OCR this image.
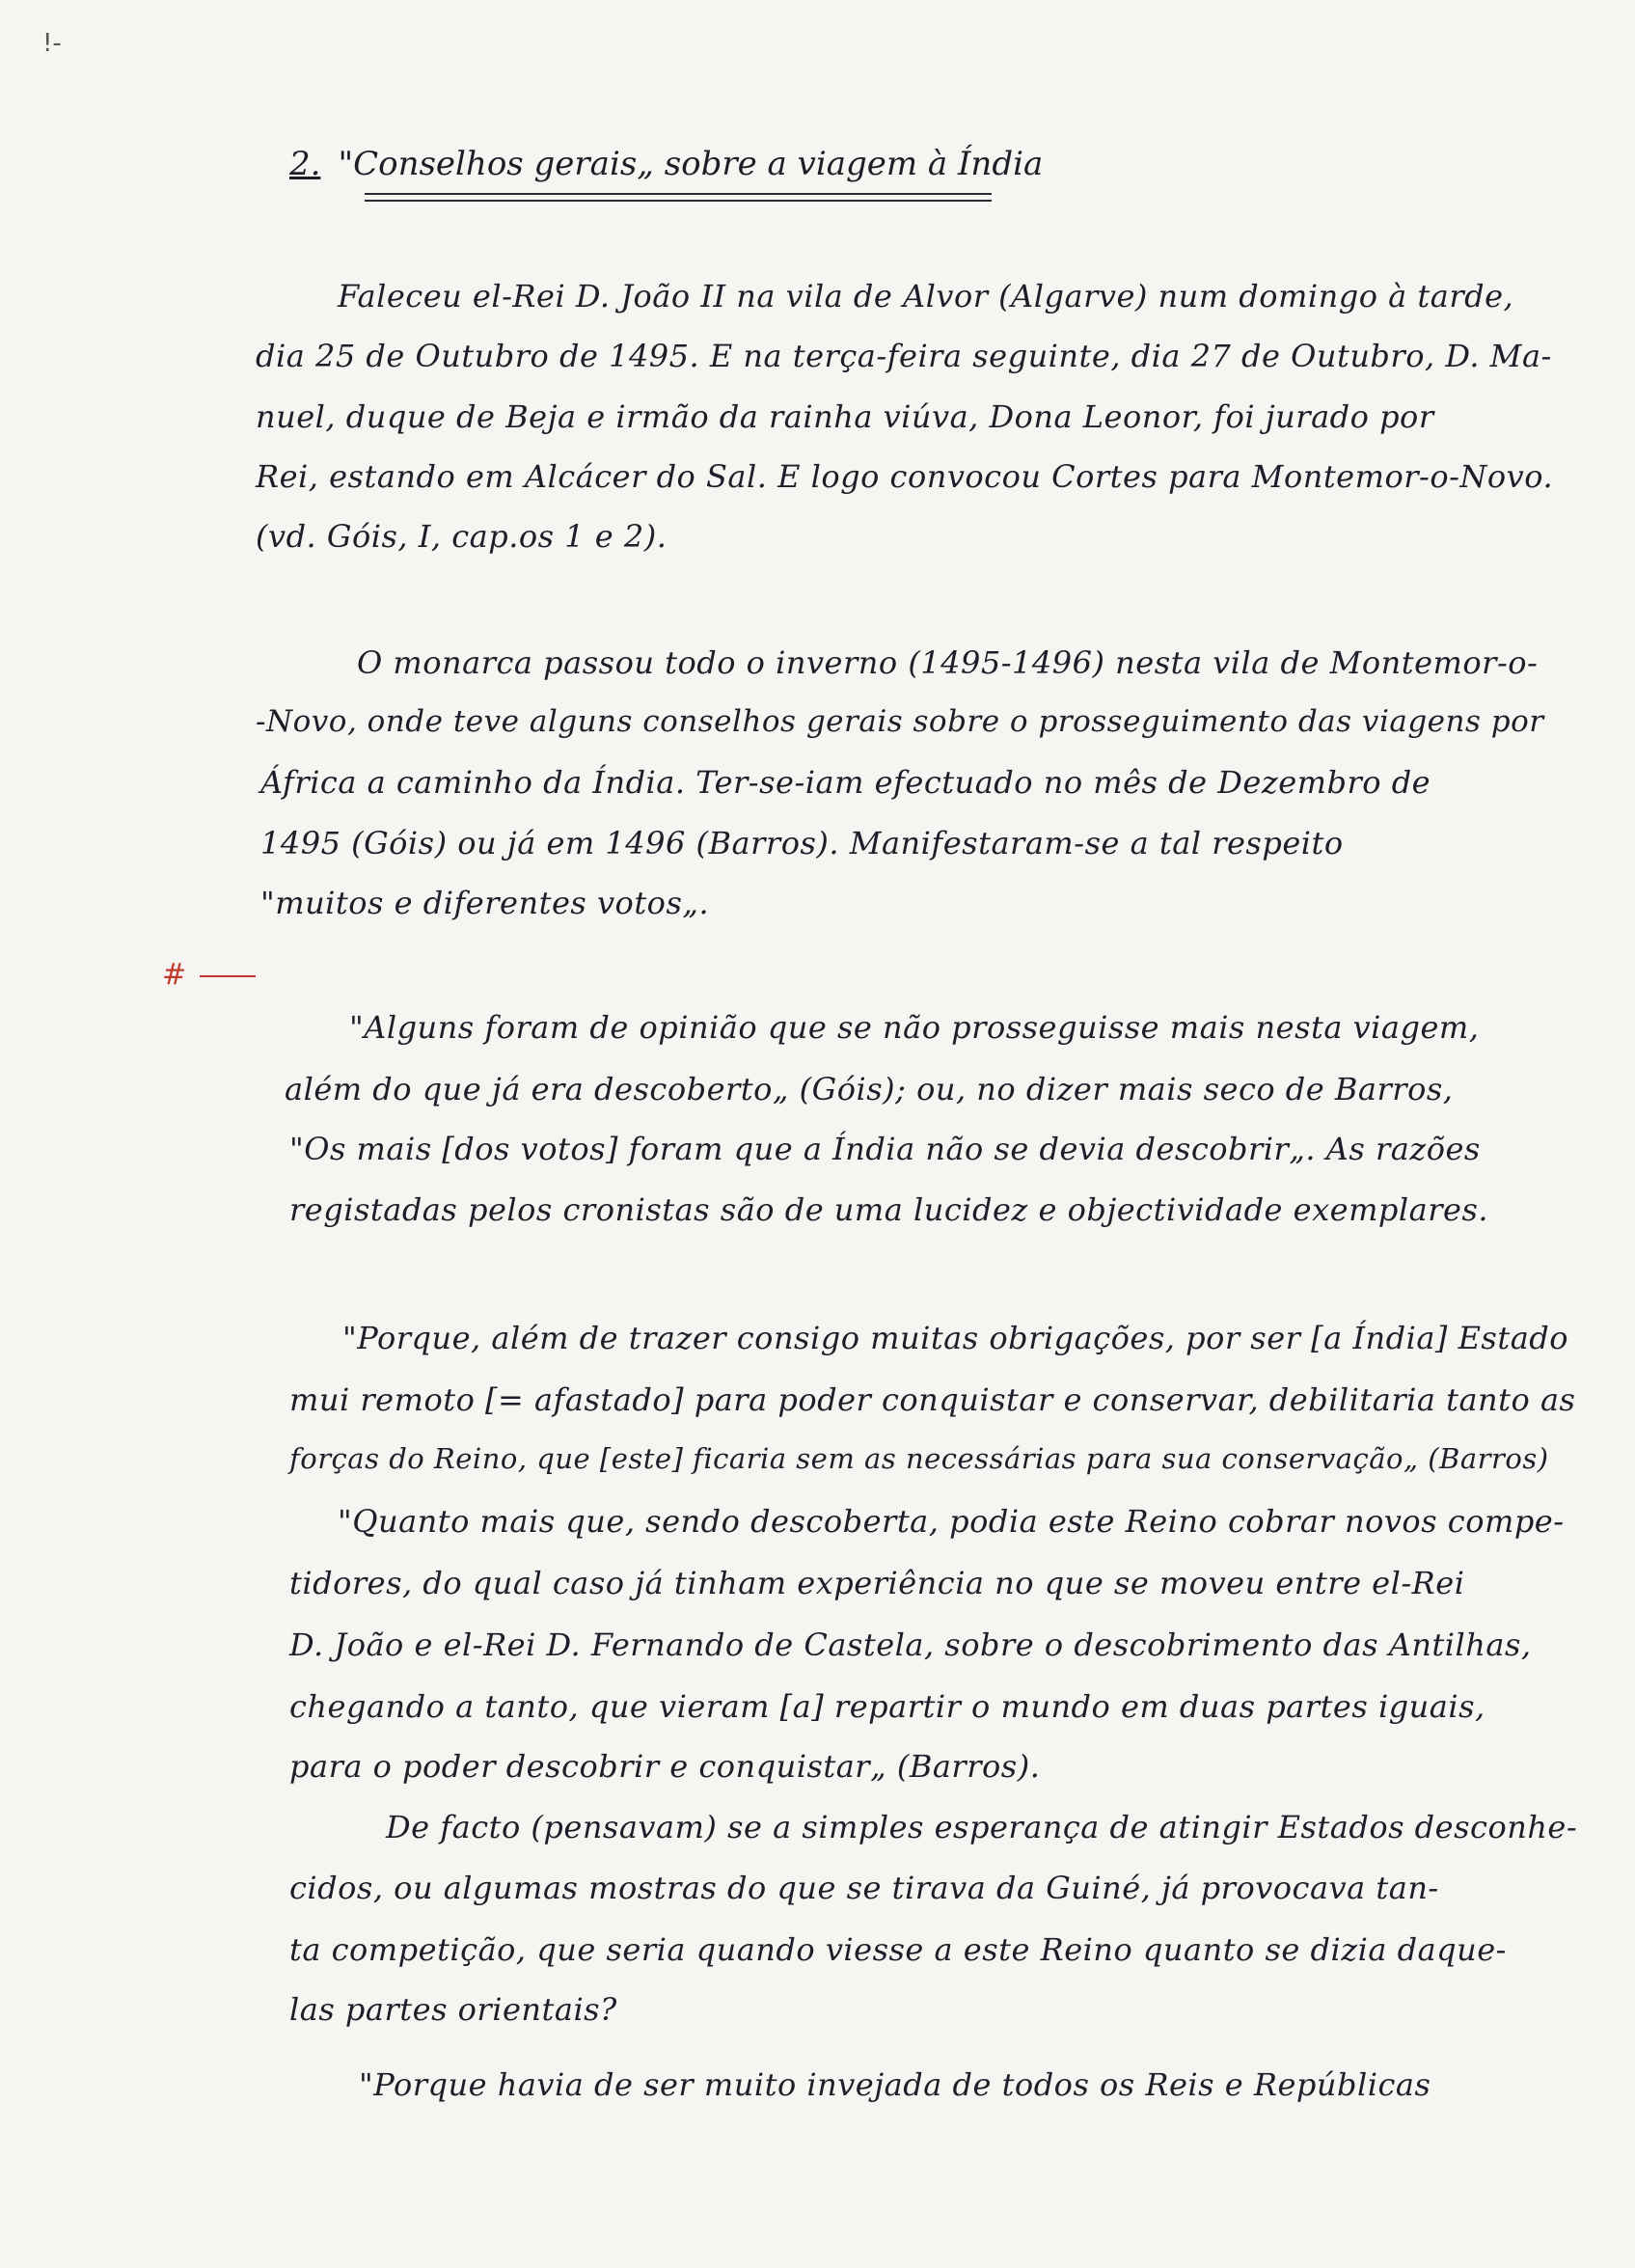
!-
2. "Conselhos gerais„ sobre a viagem à Índia
#
Faleceu el-Rei D. João II na vila de Alvor (Algarve) num domingo à tarde,
dia 25 de Outubro de 1495. E na terça-feira seguinte, dia 27 de Outubro, D. Ma-
nuel, duque de Beja e irmão da rainha viúva, Dona Leonor, foi jurado por
Rei, estando em Alcácer do Sal. E logo convocou Cortes para Montemor-o-Novo.
(vd. Góis, I, cap.os 1 e 2).
O monarca passou todo o inverno (1495-1496) nesta vila de Montemor-o-
-Novo, onde teve alguns conselhos gerais sobre o prosseguimento das viagens por
África a caminho da Índia. Ter-se-iam efectuado no mês de Dezembro de
1495 (Góis) ou já em 1496 (Barros). Manifestaram-se a tal respeito
"muitos e diferentes votos„.
"Alguns foram de opinião que se não prosseguisse mais nesta viagem,
além do que já era descoberto„ (Góis); ou, no dizer mais seco de Barros,
"Os mais [dos votos] foram que a Índia não se devia descobrir„. As razões
registadas pelos cronistas são de uma lucidez e objectividade exemplares.
"Porque, além de trazer consigo muitas obrigações, por ser [a Índia] Estado
mui remoto [= afastado] para poder conquistar e conservar, debilitaria tanto as
forças do Reino, que [este] ficaria sem as necessárias para sua conservação„ (Barros)
"Quanto mais que, sendo descoberta, podia este Reino cobrar novos compe-
tidores, do qual caso já tinham experiência no que se moveu entre el-Rei
D. João e el-Rei D. Fernando de Castela, sobre o descobrimento das Antilhas,
chegando a tanto, que vieram [a] repartir o mundo em duas partes iguais,
para o poder descobrir e conquistar„ (Barros).
De facto (pensavam) se a simples esperança de atingir Estados desconhe-
cidos, ou algumas mostras do que se tirava da Guiné, já provocava tan-
ta competição, que seria quando viesse a este Reino quanto se dizia daque-
las partes orientais?
"Porque havia de ser muito invejada de todos os Reis e Repúblicas
